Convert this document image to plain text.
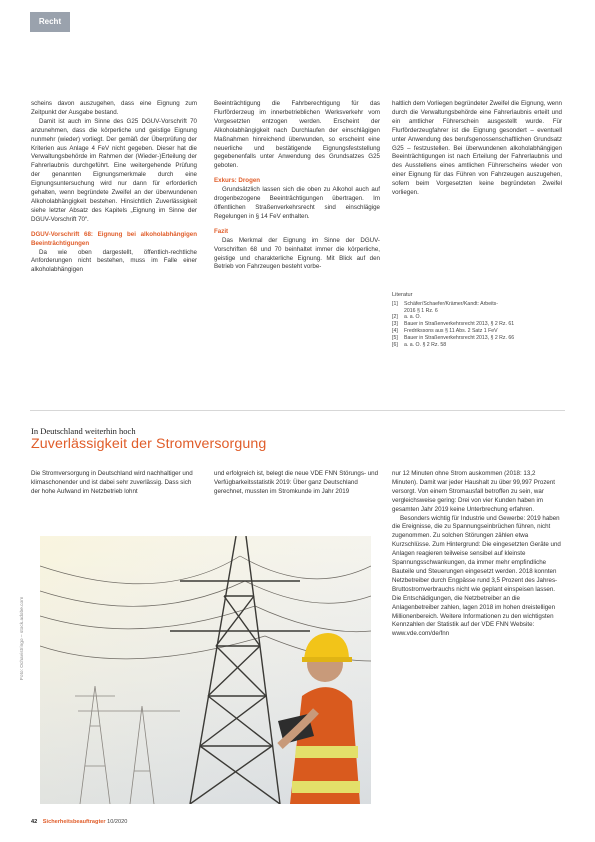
Recht

scheins davon auszugehen, dass eine Eignung zum Zeitpunkt der Ausgabe bestand.

Damit ist auch im Sinne des G25 DGUV-Vorschrift 70 anzunehmen, dass die körperliche und geistige Eignung nunmehr (wieder) vorliegt. Der gemäß der Überprüfung der Kriterien aus Anlage 4 FeV nicht gegeben. Dieser hat die Verwaltungsbehörde im Rahmen der (Wieder-)Erteilung der Fahrerlaubnis durchgeführt. Eine weitergehende Prüfung der genannten Eignungsmerkmale durch eine Eignungsuntersuchung wird nur dann für erforderlich gehalten, wenn begründete Zweifel an der überwundenen Alkoholabhängigkeit bestehen. Hinsichtlich Zuverlässigkeit siehe letzter Absatz des Kapitels „Eignung im Sinne der DGUV-Vorschrift 70“.

DGUV-Vorschrift 68: Eignung bei alkoholabhängigen Beeinträchtigungen

Da wie oben dargestellt, öffentlich-rechtliche Anforderungen nicht bestehen, muss im Falle einer alkoholabhängigen

Beeinträchtigung die Fahrberechtigung für das Flurförderzeug im innerbetrieblichen Werksverkehr vom Vorgesetzten entzogen werden. Erscheint der Alkoholabhängigkeit nach Durchlaufen der einschlägigen Maßnahmen hinreichend überwunden, so erscheint eine neuerliche und bestätigende Eignungsfeststellung gegebenenfalls unter Anwendung des Grundsatzes G25 geboten.

Exkurs: Drogen

Grundsätzlich lassen sich die oben zu Alkohol auch auf drogenbezogene Beeinträchtigungen übertragen. Im öffentlichen Straßenverkehrsrecht sind einschlägige Regelungen in § 14 FeV enthalten.

Fazit

Das Merkmal der Eignung im Sinne der DGUV-Vorschriften 68 und 70 beinhaltet immer die körperliche, geistige und charakterliche Eignung. Mit Blick auf den Betrieb von Fahrzeugen besteht vorbe-

haltlich dem Vorliegen begründeter Zweifel die Eignung, wenn durch die Verwaltungsbehörde eine Fahrerlaubnis erteilt und ein amtlicher Führerschein ausgestellt wurde. Für Flurförderzeugfahrer ist die Eignung gesondert – eventuell unter Anwendung des berufsgenossenschaftlichen Grundsatz G25 – festzustellen. Bei überwundenen alkoholabhängigen Beeinträchtigungen ist nach Erteilung der Fahrerlaubnis und des Ausstellens eines amtlichen Führerscheins wieder von einer Eignung für das Führen von Fahrzeugen auszugehen, sofern beim Vorgesetzten keine begründeten Zweifel vorliegen.

Literatur
[1]	Schäfer/Schaefer/Krämer/Kandt: Arbeits-
2016 § 1 Rz. 6
[2]	a. a. O.
[3]	Bauer in Straßenverkehrsrecht 2013, § 2 Rz. 61
[4]	Fredrikssons aus § 11 Abs. 2 Satz 1 FeV
[5]	Bauer in Straßenverkehrsrecht 2013, § 2 Rz. 66
[6]	a. a. O. § 2 Rz. 58
In Deutschland weiterhin hoch
Zuverlässigkeit der Stromversorgung

Die Stromversorgung in Deutschland wird nachhaltiger und klimaschonender und ist dabei sehr zuverlässig. Dass sich der hohe Aufwand im Netzbetrieb lohnt

und erfolgreich ist, belegt die neue VDE FNN Störungs- und Verfügbarkeitsstatistik 2019: Über ganz Deutschland gerechnet, mussten im Stromkunde im Jahr 2019

nur 12 Minuten ohne Strom auskommen (2018: 13,2 Minuten). Damit war jeder Haushalt zu über 99,997 Prozent versorgt. Von einem Stromausfall betroffen zu sein, war vergleichsweise gering: Drei von vier Kunden haben im gesamten Jahr 2019 keine Unterbrechung erfahren.

Besonders wichtig für Industrie und Gewerbe: 2019 haben die Ereignisse, die zu Spannungseinbrüchen führen, nicht zugenommen. Zu solchen Störungen zählen etwa Kurzschlüsse. Zum Hintergrund: Die eingesetzten Geräte und Anlagen reagieren teilweise sensibel auf kleinste Spannungsschwankungen, da immer mehr empfindliche Bauteile und Steuerungen eingesetzt werden. 2018 konnten Netzbetreiber durch Engpässe rund 3,5 Prozent des Jahres-Bruttostromverbrauchs nicht wie geplant einspeisen lassen. Die Entschädigungen, die Netzbetreiber an die Anlagenbetreiber zahlen, lagen 2018 im hohen dreistelligen Millionenbereich. Weitere Informationen zu den wichtigsten Kennzahlen der Statistik auf der VDE FNN Website:

www.vde.com/de/fnn

Foto: Ochavistringo – stock.adobe.com
42 Sicherheitsbeauftragter 10/2020
